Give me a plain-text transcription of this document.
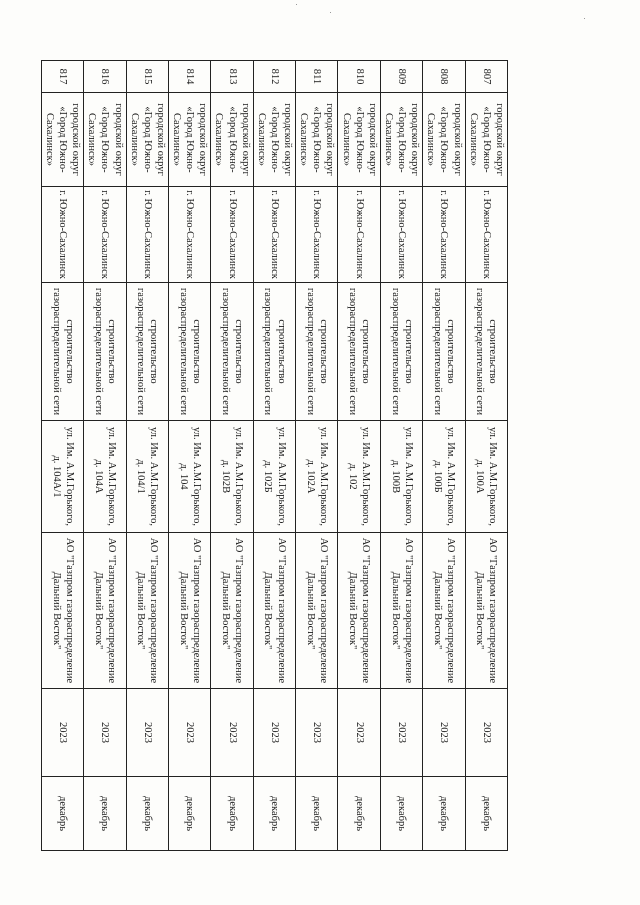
807	городской округ «Город Южно-Сахалинск»	г. Южно-Сахалинск	строительство газораспределительной сети	ул. Им. А.М.Горького, д. 100А	АО "Газпром газораспределение Дальний Восток"	2023	декабрь
808	городской округ «Город Южно-Сахалинск»	г. Южно-Сахалинск	строительство газораспределительной сети	ул. Им. А.М.Горького, д. 100Б	АО "Газпром газораспределение Дальний Восток"	2023	декабрь
809	городской округ «Город Южно-Сахалинск»	г. Южно-Сахалинск	строительство газораспределительной сети	ул. Им. А.М.Горького, д. 100В	АО "Газпром газораспределение Дальний Восток"	2023	декабрь
810	городской округ «Город Южно-Сахалинск»	г. Южно-Сахалинск	строительство газораспределительной сети	ул. Им. А.М.Горького, д. 102	АО "Газпром газораспределение Дальний Восток"	2023	декабрь
811	городской округ «Город Южно-Сахалинск»	г. Южно-Сахалинск	строительство газораспределительной сети	ул. Им. А.М.Горького, д. 102А	АО "Газпром газораспределение Дальний Восток"	2023	декабрь
812	городской округ «Город Южно-Сахалинск»	г. Южно-Сахалинск	строительство газораспределительной сети	ул. Им. А.М.Горького, д. 102Б	АО "Газпром газораспределение Дальний Восток"	2023	декабрь
813	городской округ «Город Южно-Сахалинск»	г. Южно-Сахалинск	строительство газораспределительной сети	ул. Им. А.М.Горького, д. 102В	АО "Газпром газораспределение Дальний Восток"	2023	декабрь
814	городской округ «Город Южно-Сахалинск»	г. Южно-Сахалинск	строительство газораспределительной сети	ул. Им. А.М.Горького, д. 104	АО "Газпром газораспределение Дальний Восток"	2023	декабрь
815	городской округ «Город Южно-Сахалинск»	г. Южно-Сахалинск	строительство газораспределительной сети	ул. Им. А.М.Горького, д. 104/1	АО "Газпром газораспределение Дальний Восток"	2023	декабрь
816	городской округ «Город Южно-Сахалинск»	г. Южно-Сахалинск	строительство газораспределительной сети	ул. Им. А.М.Горького, д. 104А	АО "Газпром газораспределение Дальний Восток"	2023	декабрь
817	городской округ «Город Южно-Сахалинск»	г. Южно-Сахалинск	строительство газораспределительной сети	ул. Им. А.М.Горького, д. 104А/1	АО "Газпром газораспределение Дальний Восток"	2023	декабрь
